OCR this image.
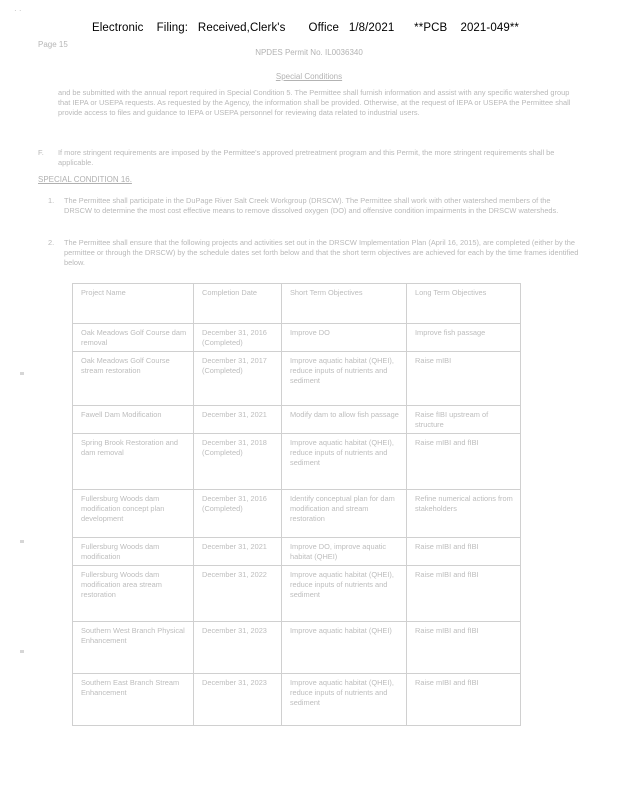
· ·
Electronic    Filing:   Received,Clerk's       Office   1/8/2021      **PCB    2021-049**
Page 15
NPDES Permit No. IL0036340
Special Conditions
and be submitted with the annual report required in Special Condition 5. The Permittee shall furnish information and assist with any specific watershed group that IEPA or USEPA requests. As requested by the Agency, the information shall be provided. Otherwise, at the request of IEPA or USEPA the Permittee shall provide access to files and guidance to IEPA or USEPA personnel for reviewing data related to industrial users.
F.	If more stringent requirements are imposed by the Permittee's approved pretreatment program and this Permit, the more stringent requirements shall be applicable.
SPECIAL CONDITION 16.
1.	The Permittee shall participate in the DuPage River Salt Creek Workgroup (DRSCW). The Permittee shall work with other watershed members of the DRSCW to determine the most cost effective means to remove dissolved oxygen (DO) and offensive condition impairments in the DRSCW watersheds.
2.	The Permittee shall ensure that the following projects and activities set out in the DRSCW Implementation Plan (April 16, 2015), are completed (either by the permittee or through the DRSCW) by the schedule dates set forth below and that the short term objectives are achieved for each by the time frames identified below.
Project Name	Completion Date	Short Term Objectives	Long Term Objectives
Oak Meadows Golf Course dam removal	December 31, 2016 (Completed)	Improve DO	Improve fish passage
Oak Meadows Golf Course stream restoration	December 31, 2017 (Completed)	Improve aquatic habitat (QHEI), reduce inputs of nutrients and sediment	Raise mIBI
Fawell Dam Modification	December 31, 2021	Modify dam to allow fish passage	Raise fIBI upstream of structure
Spring Brook Restoration and dam removal	December 31, 2018 (Completed)	Improve aquatic habitat (QHEI), reduce inputs of nutrients and sediment	Raise mIBI and fIBI
Fullersburg Woods dam modification concept plan development	December 31, 2016 (Completed)	Identify conceptual plan for dam modification and stream restoration	Refine numerical actions from stakeholders
Fullersburg Woods dam modification	December 31, 2021	Improve DO, improve aquatic habitat (QHEI)	Raise mIBI and fIBI
Fullersburg Woods dam modification area stream restoration	December 31, 2022	Improve aquatic habitat (QHEI), reduce inputs of nutrients and sediment	Raise mIBI and fIBI
Southern West Branch Physical Enhancement	December 31, 2023	Improve aquatic habitat (QHEI)	Raise mIBI and fIBI
Southern East Branch Stream Enhancement	December 31, 2023	Improve aquatic habitat (QHEI), reduce inputs of nutrients and sediment	Raise mIBI and fIBI
